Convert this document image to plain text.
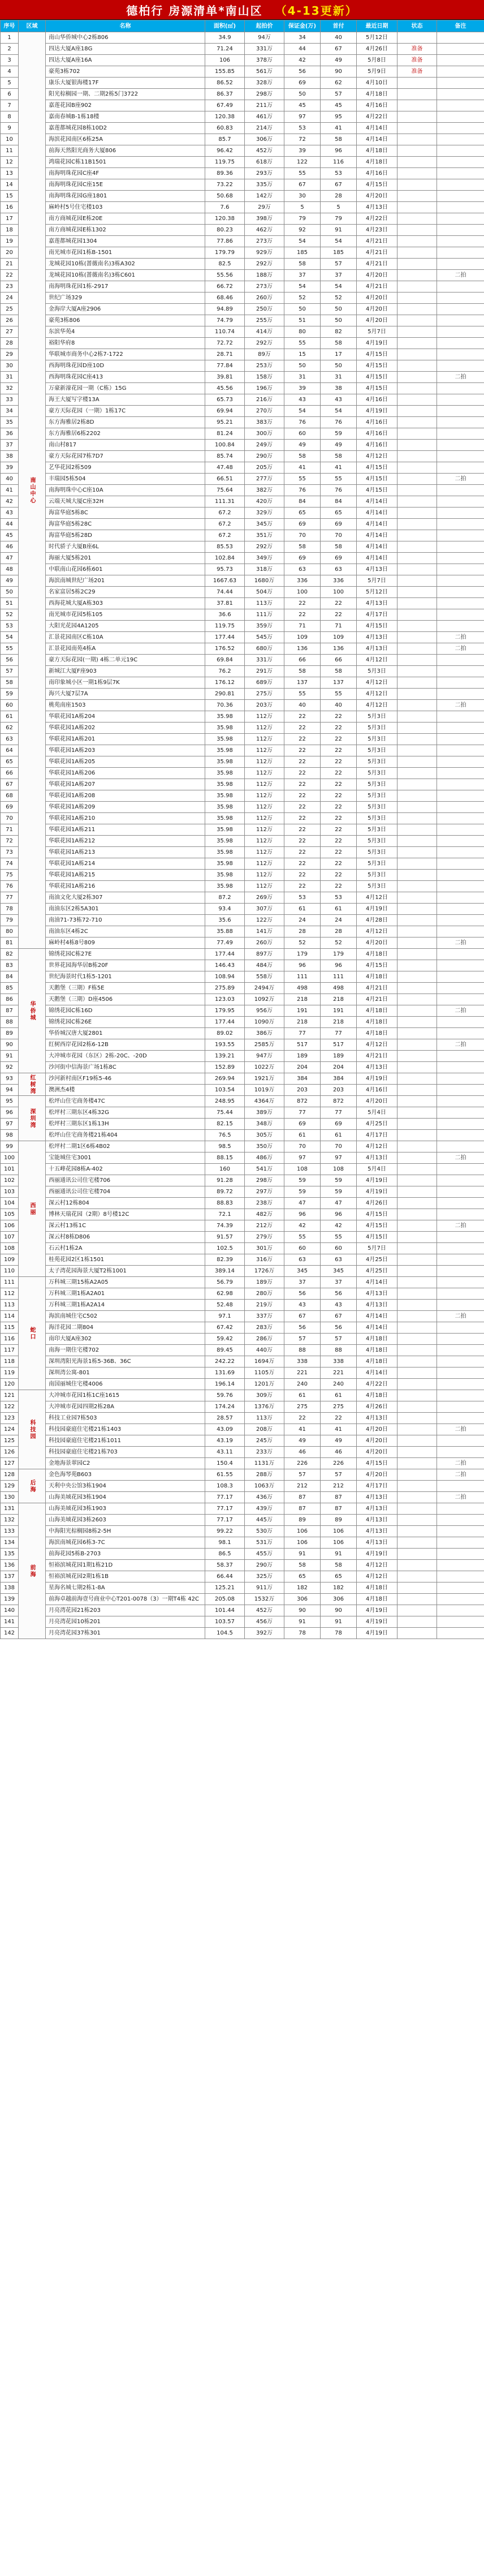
德柏行 房源清单*南山区 （4-13更新）
序号	区域	名称	面积(㎡)	起拍价	保证金(万)	首付	最近日期	状态	备注
1	南山中心	南山华侨城中心2栋806	34.9	94万	34	40	5月12日		
2		四达大厦A座18G	71.24	331万	44	67	4月26日	准备	
3		四达大厦A座16A	106	378万	42	49	5月8日	准备	
4		豪苑3栋702	155.85	561万	56	90	5月9日	准备	
5		康乐大厦银海楼17F	86.52	328万	69	62	4月10日		
6		阳光棕榈园一期、二期2栋5门3722	86.37	298万	50	57	4月18日		
7		嘉莲花园B座902	67.49	211万	45	45	4月16日		
8		嘉南春城B-1栋18楼	120.38	461万	97	95	4月22日		
9		嘉莲都城花园8栋10D2	60.83	214万	53	41	4月14日		
10		海滨花园南区6栋25A	85.7	306万	72	58	4月14日		
11		前海天然阳光商务大厦806	96.42	452万	39	96	4月18日		
12		鸿瑞花园C栋11B1501	119.75	618万	122	116	4月18日		
13		南海明珠花园C座4F	89.36	293万	55	53	4月16日		
14		南海明珠花园C座15E	73.22	335万	67	67	4月15日		
15		南海明珠花园G座1801	50.68	142万	30	28	4月20日		
16		麻岭村5号住宅楼103	7.6	29万	5	5	4月13日		
17		南方商城花园E栋20E	120.38	398万	79	79	4月22日		
18		南方商城花园E栋1302	80.23	462万	92	91	4月23日		
19		嘉莲都城花园1304	77.86	273万	54	54	4月21日		
20		南光城市花园1栋B-1501	179.79	929万	185	185	4月21日		
21		龙城花园10栋(蔷薇南名)3栋A302	82.5	292万	58	57	4月21日		
22		龙城花园10栋(蔷薇南名)3栋C601	55.56	188万	37	37	4月20日		二拍
23		南海明珠花园1栋-2917	66.72	273万	54	54	4月21日		
24		世纪广场329	68.46	260万	52	52	4月20日		
25		金海岸大厦A座2906	94.89	250万	50	50	4月20日		
26		豪苑3栋806	74.79	255万	51	50	4月20日		
27		东滨华苑4	110.74	414万	80	82	5月7日		
28		裕阳华府8	72.72	292万	55	58	4月19日		
29		华联城市商务中心2栋7-1722	28.71	89万	15	17	4月15日		
30		西海明珠花园D座10D	77.84	253万	50	50	4月15日		
31		西海明珠花园C座413	39.81	158万	31	31	4月15日		二拍
32		万豪新濠花园一期（C栋）15G	45.56	196万	39	38	4月15日		
33		海王大厦写字楼13A	65.73	216万	43	43	4月16日		
34		豪方天际花园（一期）1栋17C	69.94	270万	54	54	4月19日		
35		东方海雅居2栋8D	95.21	383万	76	76	4月16日		
36		东方海雅居6栋2202	81.24	300万	60	59	4月16日		
37		南山村817	100.84	249万	49	49	4月16日		
38		豪方天际花园7栋7D7	85.74	290万	58	58	4月12日		
39		艺华花园2栋509	47.48	205万	41	41	4月15日		
40		丰瑞园5栋504	66.51	277万	55	55	4月15日		二拍
41		南海明珠中心C座10A	75.64	382万	76	76	4月15日		
42		云端天城大厦C座32H	111.31	420万	84	84	4月14日		
43		海富华庭5栋8C	67.2	329万	65	65	4月14日		
44		海富华庭5栋28C	67.2	345万	69	69	4月14日		
45		海富华庭5栋28D	67.2	351万	70	70	4月14日		
46		时代骄子大厦B座6L	85.53	292万	58	58	4月14日		
47		海丽大厦5栋201	102.84	349万	69	69	4月14日		
48		中联南山花园6栋601	95.73	318万	63	63	4月13日		
49		海滨南城世纪广场201	1667.63	1680万	336	336	5月7日		
50		名家富居5栋2C29	74.44	504万	100	100	5月12日		
51		西海花城大厦A栋303	37.81	113万	22	22	4月13日		
52		南光城市花园5栋105	36.6	111万	22	22	4月17日		
53		大阳光花园4A1205	119.75	359万	71	71	4月15日		
54		汇景花园南区C栋10A	177.44	545万	109	109	4月13日		二拍
55		汇景花园南苑4栋A	176.52	680万	136	136	4月13日		二拍
56		豪方天际花园(一期) 4栋二单元19C	69.84	331万	66	66	4月12日		
57		新城江大厦F座903	76.2	291万	58	58	5月3日		
58		南印象城小区一期1栋9层7K	176.12	689万	137	137	4月12日		
59		海兴大厦7层7A	290.81	275万	55	55	4月12日		
60		桃苑南座1503	70.36	203万	40	40	4月12日		二拍
61		华联花园1A栋204	35.98	112万	22	22	5月3日		
62		华联花园1A栋202	35.98	112万	22	22	5月3日		
63		华联花园1A栋201	35.98	112万	22	22	5月3日		
64		华联花园1A栋203	35.98	112万	22	22	5月3日		
65		华联花园1A栋205	35.98	112万	22	22	5月3日		
66		华联花园1A栋206	35.98	112万	22	22	5月3日		
67		华联花园1A栋207	35.98	112万	22	22	5月3日		
68		华联花园1A栋208	35.98	112万	22	22	5月3日		
69		华联花园1A栋209	35.98	112万	22	22	5月3日		
70		华联花园1A栋210	35.98	112万	22	22	5月3日		
71		华联花园1A栋211	35.98	112万	22	22	5月3日		
72		华联花园1A栋212	35.98	112万	22	22	5月3日		
73		华联花园1A栋213	35.98	112万	22	22	5月3日		
74		华联花园1A栋214	35.98	112万	22	22	5月3日		
75		华联花园1A栋215	35.98	112万	22	22	5月3日		
76		华联花园1A栋216	35.98	112万	22	22	5月3日		
77		南油文化大厦2栋307	87.2	269万	53	53	4月12日		
78		南油东区2栋5A301	93.4	307万	61	61	4月19日		
79		南油71-73栋72-710	35.6	122万	24	24	4月28日		
80		南油东区4栋2C	35.88	141万	28	28	4月12日		
81		麻岭村4栋8号809	77.49	260万	52	52	4月20日		二拍
82	华侨城	锦绣花园C栋27E	177.44	897万	179	179	4月18日		
83		世界花园海华居B栋20F	146.43	484万	96	96	4月15日		
84		世纪海景时代1栋5-1201	108.94	558万	111	111	4月18日		
85		天鹅堡（三期）F栋5E	275.89	2494万	498	498	4月21日		
86		天鹅堡（三期）D座4506	123.03	1092万	218	218	4月21日		
87		锦绣花园C栋16D	179.95	956万	191	191	4月18日		二拍
88		锦绣花园C栋26E	177.44	1090万	218	218	4月18日		
89		华侨城汉唐大厦2801	89.02	386万	77	77	4月18日		
90		红树西岸花园2栋6-12B	193.55	2585万	517	517	4月12日		二拍
91		大冲城市花园（东区）2栋-20C、-20D	139.21	947万	189	189	4月21日		
92		沙河街中信海景广场1栋8C	152.89	1022万	204	204	4月13日		
93	红树湾	沙河新村南区F19栋5-46	269.94	1921万	384	384	4月19日		
94		澳洲杰4楼	103.54	1019万	203	203	4月16日		
95	深圳湾	松坪山住宅商务楼47C	248.95	4364万	872	872	4月20日		
96		松坪村三期东区4栋32G	75.44	389万	77	77	5月4日		
97		松坪村三期东区1栋13H	82.15	348万	69	69	4月25日		
98		松坪山住宅商务楼21栋404	76.5	305万	61	61	4月17日		
99	西丽	松坪村二期1区6栋4B02	98.5	350万	70	70	4月12日		
100		宝能城住宅3001	88.15	486万	97	97	4月13日		二拍
101		十五峰花园8栋A-402	160	541万	108	108	5月4日		
102		西丽通讯公司住宅楼706	91.28	298万	59	59	4月19日		
103		西丽通讯公司住宅楼704	89.72	297万	59	59	4月19日		
104		深云村12栋804	88.83	238万	47	47	4月26日		
105		博林天瑞花园（2期）8号楼12C	72.1	482万	96	96	4月15日		
106		深云村13栋1C	74.39	212万	42	42	4月15日		二拍
107		深云村8栋D806	91.57	279万	55	55	4月15日		
108		石云村1栋2A	102.5	301万	60	60	5月7日		
109		桂苑花园2区1栋1501	82.39	316万	63	63	4月25日		
110		太子湾花园海景大厦T2栋1001	389.14	1726万	345	345	4月25日		
111	蛇口	万科城三期15栋A2A05	56.79	189万	37	37	4月14日		
112		万科城三期1栋A2A01	62.98	280万	56	56	4月13日		
113		万科城三期1栋A2A14	52.48	219万	43	43	4月13日		
114		海滨南城住宅C502	97.1	337万	67	67	4月14日		二拍
115		海洋花园二期804	67.42	283万	56	56	4月14日		
116		南印大厦A座302	59.42	286万	57	57	4月18日		
117		南海一期住宅楼702	89.45	440万	88	88	4月18日		
118		深圳湾阳光海景1栋5-36B、36C	242.22	1694万	338	338	4月18日		
119		深圳湾公寓-801	131.69	1105万	221	221	4月14日		
120		南国丽城住宅楼4006	196.14	1201万	240	240	4月22日		
121	科技园	大冲城市花园1栋1C座1615	59.76	309万	61	61	4月18日		
122		大冲城市花园四期2栋28A	174.24	1376万	275	275	4月26日		
123		科技工业园7栋503	28.57	113万	22	22	4月13日		
124		科技园豪庭住宅楼21栋1403	43.09	208万	41	41	4月20日		二拍
125		科技园豪庭住宅楼21栋1011	43.19	245万	49	49	4月20日		
126		科技园豪庭住宅楼21栋703	43.11	233万	46	46	4月20日		
127		金地海景翠园C2	150.4	1131万	226	226	4月15日		二拍
128	后海	金色海琴苑B603	61.55	288万	57	57	4月20日		二拍
129		天利中央公馆3栋1904	108.3	1063万	212	212	4月17日		
130		山海美域花园3栋1904	77.17	436万	87	87	4月13日		二拍
131	前海	山海美域花园3栋1903	77.17	439万	87	87	4月13日		
132		山海美域花园3栋2603	77.17	445万	89	89	4月13日		
133		中海阳光棕榈园8栋2-5H	99.22	530万	106	106	4月13日		
134		海滨南城花园6栋3-7C	98.1	531万	106	106	4月13日		
135		前海花园5栋B-2703	86.5	455万	91	91	4月19日		
136		恒裕滨城花园1期1栋21D	58.37	290万	58	58	4月12日		
137		恒裕滨城花园2期1栋1B	66.44	325万	65	65	4月12日		
138		星海名城七期2栋1-8A	125.21	911万	182	182	4月18日		
139		前海卓越前海壹号商业中心T201-0078（3）一期T4栋 42C	205.08	1532万	306	306	4月18日		
140		月亮湾花园21栋203	101.44	452万	90	90	4月19日		
141		月亮湾花园10栋201	103.57	456万	91	91	4月19日		
142		月亮湾花园37栋301	104.5	392万	78	78	4月19日		
